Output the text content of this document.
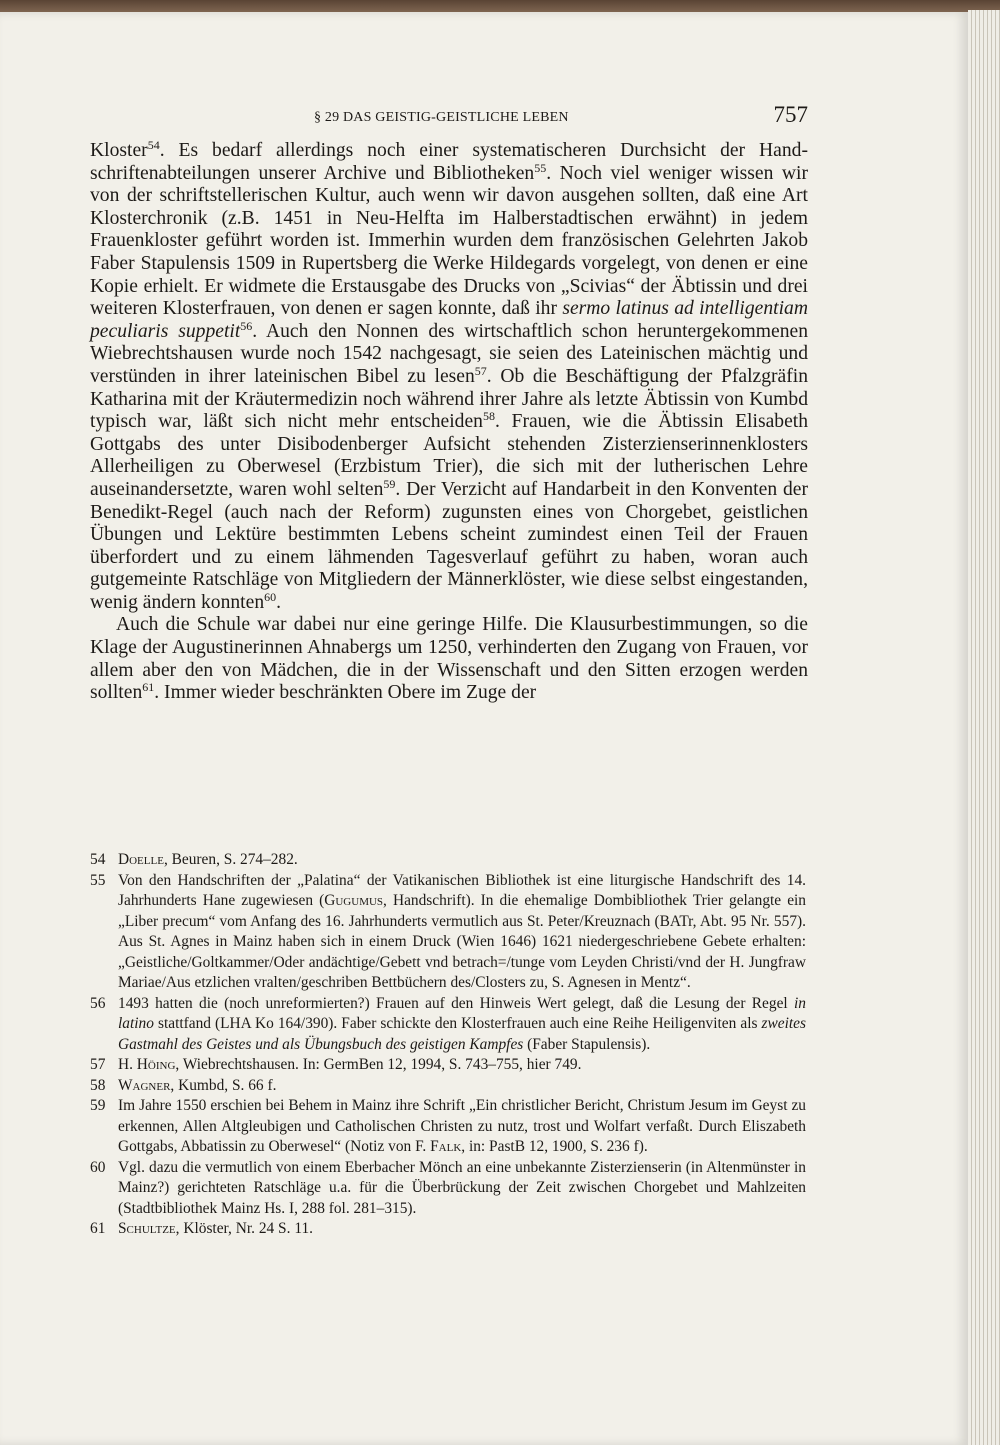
§ 29 DAS GEISTIG-GEISTLICHE LEBEN	757

Kloster$^{54}$. Es bedarf allerdings noch einer systematischeren Durchsicht der Handschriftenabteilungen unserer Archive und Bibliotheken$^{55}$. Noch viel weniger wissen wir von der schriftstellerischen Kultur, auch wenn wir davon ausgehen sollten, daß eine Art Klosterchronik (z.B. 1451 in Neu-Helfta im Halberstadtischen erwähnt) in jedem Frauenkloster geführt worden ist. Immerhin wurden dem französischen Gelehrten Jakob Faber Stapulensis 1509 in Rupertsberg die Werke Hildegards vorgelegt, von denen er eine Kopie erhielt. Er widmete die Erstausgabe des Drucks von „Scivias“ der Äbtissin und drei weiteren Klosterfrauen, von denen er sagen konnte, daß ihr sermo latinus ad intelligentiam peculiaris suppetit$^{56}$. Auch den Nonnen des wirtschaftlich schon heruntergekommenen Wiebrechtshausen wurde noch 1542 nachgesagt, sie seien des Lateinischen mächtig und verstünden in ihrer lateinischen Bibel zu lesen$^{57}$. Ob die Beschäftigung der Pfalzgräfin Katharina mit der Kräutermedizin noch während ihrer Jahre als letzte Äbtissin von Kumbd typisch war, läßt sich nicht mehr entscheiden$^{58}$. Frauen, wie die Äbtissin Elisabeth Gottgabs des unter Disibodenberger Aufsicht stehenden Zisterzienserinnenklosters Allerheiligen zu Oberwesel (Erzbistum Trier), die sich mit der lutherischen Lehre auseinandersetzte, waren wohl selten$^{59}$. Der Verzicht auf Handarbeit in den Konventen der Benedikt-Regel (auch nach der Reform) zugunsten eines von Chorgebet, geistlichen Übungen und Lektüre bestimmten Lebens scheint zumindest einen Teil der Frauen überfordert und zu einem lähmenden Tagesverlauf geführt zu haben, woran auch gutgemeinte Ratschläge von Mitgliedern der Männerklöster, wie diese selbst eingestanden, wenig ändern konnten$^{60}$.

Auch die Schule war dabei nur eine geringe Hilfe. Die Klausurbestimmungen, so die Klage der Augustinerinnen Ahnabergs um 1250, verhinderten den Zugang von Frauen, vor allem aber den von Mädchen, die in der Wissenschaft und den Sitten erzogen werden sollten$^{61}$. Immer wieder beschränkten Obere im Zuge der

54 Doelle, Beuren, S. 274–282.
55 Von den Handschriften der „Palatina“ der Vatikanischen Bibliothek ist eine liturgische Handschrift des 14. Jahrhunderts Hane zugewiesen (Gugumus, Handschrift). In die ehemalige Dombibliothek Trier gelangte ein „Liber precum“ vom Anfang des 16. Jahrhunderts vermutlich aus St. Peter/Kreuznach (BATr, Abt. 95 Nr. 557). Aus St. Agnes in Mainz haben sich in einem Druck (Wien 1646) 1621 niedergeschriebene Gebete erhalten: „Geistliche/Goltkammer/Oder andächtige/Gebett vnd betrach=/tunge vom Leyden Christi/vnd der H. Jungfraw Mariae/Aus etzlichen vralten/geschriben Bettbüchern des/Closters zu, S. Agnesen in Mentz“.
56 1493 hatten die (noch unreformierten?) Frauen auf den Hinweis Wert gelegt, daß die Lesung der Regel in latino stattfand (LHA Ko 164/390). Faber schickte den Klosterfrauen auch eine Reihe Heiligenviten als zweites Gastmahl des Geistes und als Übungsbuch des geistigen Kampfes (Faber Stapulensis).
57 H. Höing, Wiebrechtshausen. In: GermBen 12, 1994, S. 743–755, hier 749.
58 Wagner, Kumbd, S. 66 f.
59 Im Jahre 1550 erschien bei Behem in Mainz ihre Schrift „Ein christlicher Bericht, Christum Jesum im Geyst zu erkennen, Allen Altgleubigen und Catholischen Christen zu nutz, trost und Wolfart verfaßt. Durch Eliszabeth Gottgabs, Abbatissin zu Oberwesel“ (Notiz von F. Falk, in: PastB 12, 1900, S. 236 f).
60 Vgl. dazu die vermutlich von einem Eberbacher Mönch an eine unbekannte Zisterzienserin (in Altenmünster in Mainz?) gerichteten Ratschläge u.a. für die Überbrückung der Zeit zwischen Chorgebet und Mahlzeiten (Stadtbibliothek Mainz Hs. I, 288 fol. 281–315).
61 Schultze, Klöster, Nr. 24 S. 11.
